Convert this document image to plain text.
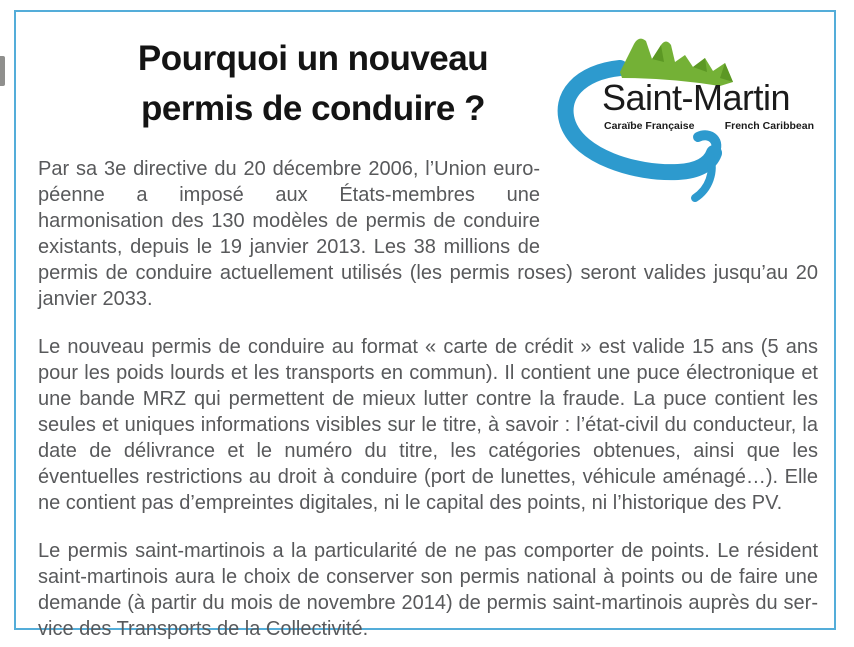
Saint-Martin
Caraïbe Française	French Caribbean
Pourquoi un nouveau
permis de conduire ?

Par sa 3e directive du 20 décembre 2006, l’Union européenne a imposé aux États-membres une harmonisation des 130 modèles de permis de conduire existants, depuis le 19 janvier 2013. Les 38 millions de permis de conduire actuellement utilisés (les permis roses) seront valides jusqu’au 20 janvier 2033.

Le nouveau permis de conduire au format « carte de crédit » est valide 15 ans (5 ans pour les poids lourds et les transports en commun). Il contient une puce électronique et une bande MRZ qui permettent de mieux lutter contre la fraude. La puce contient les seules et uniques informations visibles sur le titre, à savoir : l’état-civil du conducteur, la date de délivrance et le numéro du titre, les catégories obtenues, ainsi que les éventuelles restrictions au droit à conduire (port de lunettes, véhicule aménagé…). Elle ne contient pas d’empreintes digitales, ni le capital des points, ni l’historique des PV.

Le permis saint-martinois a la particularité de ne pas comporter de points. Le résident saint-martinois aura le choix de conserver son permis national à points ou de faire une demande (à partir du mois de novembre 2014) de permis saint-martinois auprès du service des Transports de la Collectivité.
